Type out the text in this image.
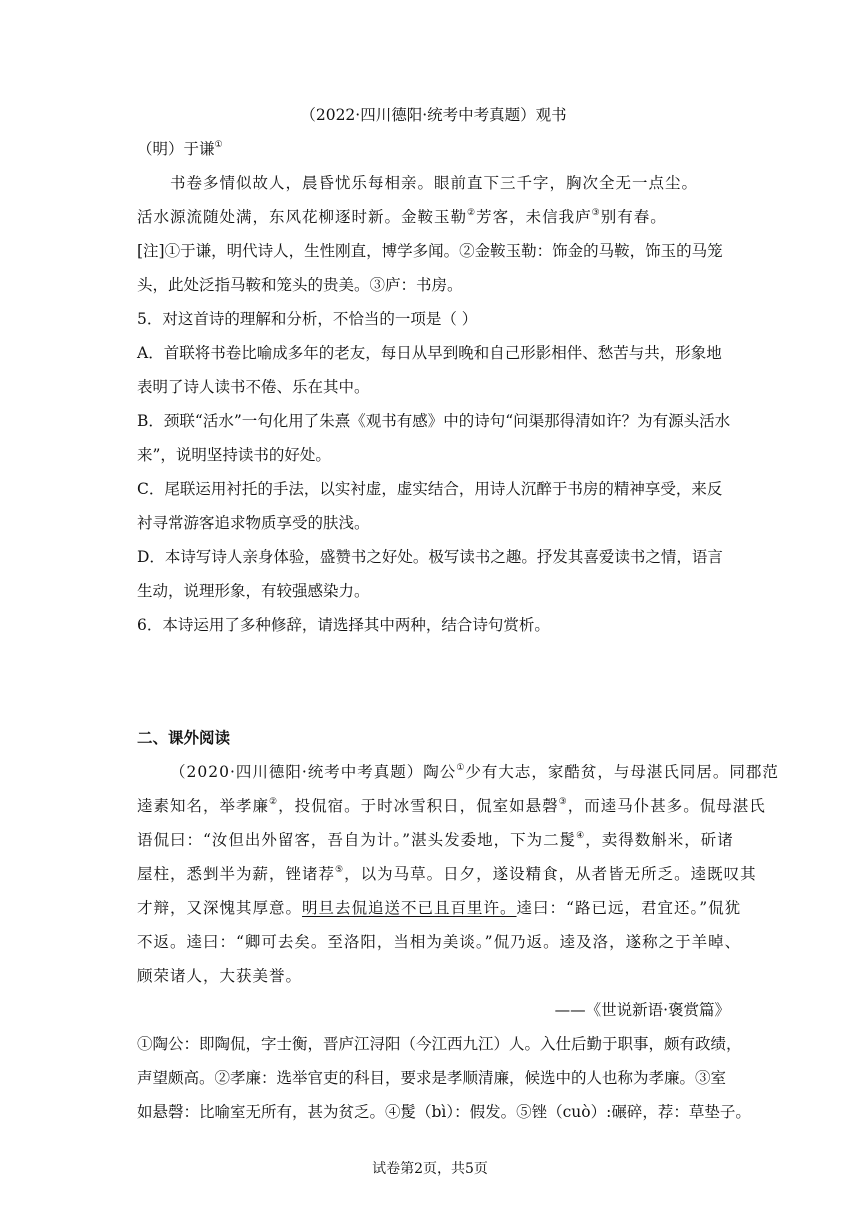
（2022·四川德阳·统考中考真题）观书
（明）于谦①
书卷多情似故人，晨昏忧乐每相亲。眼前直下三千字，胸次全无一点尘。
活水源流随处满，东风花柳逐时新。金鞍玉勒②芳客，未信我庐③别有春。
[注]①于谦，明代诗人，生性刚直，博学多闻。②金鞍玉勒：饰金的马鞍，饰玉的马笼
头，此处泛指马鞍和笼头的贵美。③庐：书房。
5．对这首诗的理解和分析，不恰当的一项是（ ）
A．首联将书卷比喻成多年的老友，每日从早到晚和自己形影相伴、愁苦与共，形象地
表明了诗人读书不倦、乐在其中。
B．颈联“活水”一句化用了朱熹《观书有感》中的诗句“问渠那得清如许？为有源头活水
来”，说明坚持读书的好处。
C．尾联运用衬托的手法，以实衬虚，虚实结合，用诗人沉醉于书房的精神享受，来反
衬寻常游客追求物质享受的肤浅。
D．本诗写诗人亲身体验，盛赞书之好处。极写读书之趣。抒发其喜爱读书之情，语言
生动，说理形象，有较强感染力。
6．本诗运用了多种修辞，请选择其中两种，结合诗句赏析。
二、课外阅读
（2020·四川德阳·统考中考真题）陶公①少有大志，家酷贫，与母湛氏同居。同郡范
逵素知名，举孝廉②，投侃宿。于时冰雪积日，侃室如悬磬③，而逵马仆甚多。侃母湛氏
语侃曰：“汝但出外留客，吾自为计。”湛头发委地，下为二髲④，卖得数斛米，斫诸
屋柱，悉剉半为薪，锉诸荐⑤，以为马草。日夕，遂设精食，从者皆无所乏。逵既叹其
才辩，又深愧其厚意。明旦去侃追送不已且百里许。逵曰：“路已远，君宜还。”侃犹
不返。逵曰：“卿可去矣。至洛阳，当相为美谈。”侃乃返。逵及洛，遂称之于羊晫、
顾荣诸人，大获美誉。
——《世说新语·褒赏篇》
①陶公：即陶侃，字士衡，晋庐江浔阳（今江西九江）人。入仕后勤于职事，颇有政绩，
声望颇高。②孝廉：选举官吏的科目，要求是孝顺清廉，候选中的人也称为孝廉。③室
如悬磬：比喻室无所有，甚为贫乏。④髲（bì）：假发。⑤锉（cuò）:碾碎，荐：草垫子。
试卷第2页，共5页
